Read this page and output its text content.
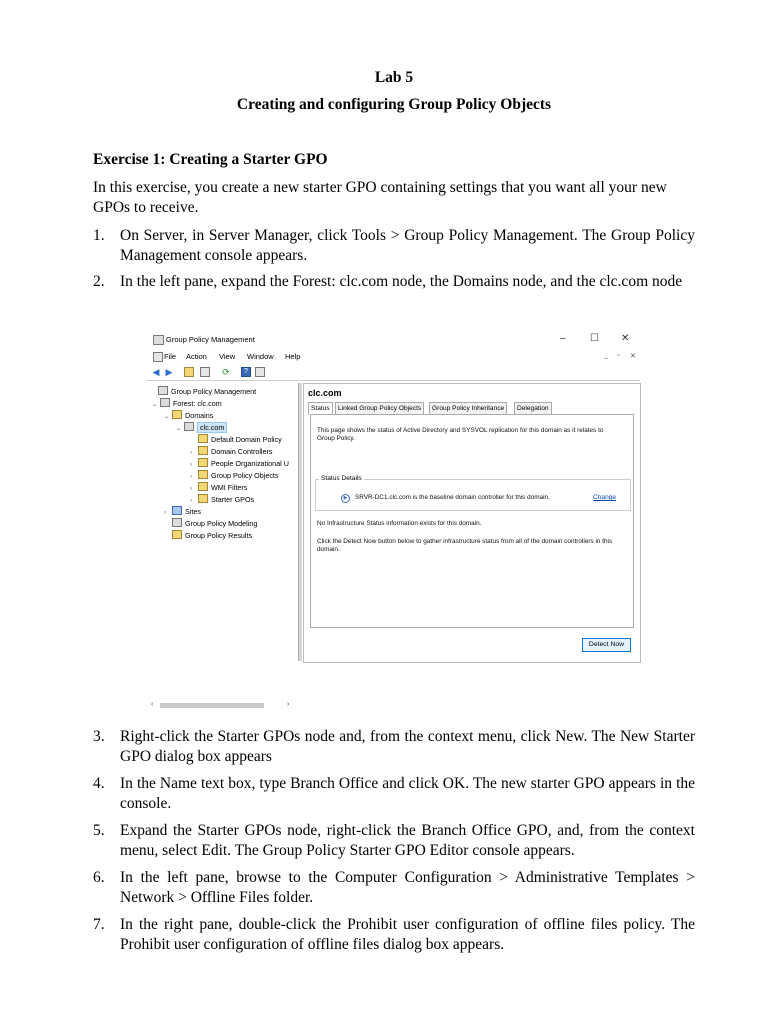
Lab 5
Creating and configuring Group Policy Objects
Exercise 1: Creating a Starter GPO
In this exercise, you create a new starter GPO containing settings that you want all your new GPOs to receive.
1. On Server, in Server Manager, click Tools > Group Policy Management. The Group Policy Management console appears.
2. In the left pane, expand the Forest: clc.com node, the Domains node, and the clc.com node
Group Policy Management	– ☐ ✕
File Action View Window Help	_ ▫ ✕
◀ ▶	⟳	?
Group Policy Management
⌄ Forest: clc.com
⌄ Domains
⌄	clc.com
Default Domain Policy
›	Domain Controllers
›	People Organizational U
›	Group Policy Objects
›	WMI Filters
›	Starter GPOs
›	Sites
Group Policy Modeling
Group Policy Results
‹	›
clc.com
Status	Linked Group Policy Objects	Group Policy Inheritance	Delegation
This page shows the status of Active Directory and SYSVOL replication for this domain as it relates to Group Policy.
Status Details
▶	SRVR-DC1.clc.com is the baseline domain controller for this domain.	Change
No Infrastructure Status information exists for this domain.
Click the Detect Now button below to gather infrastructure status from all of the domain controllers in this domain.
Detect Now
3. Right-click the Starter GPOs node and, from the context menu, click New. The New Starter GPO dialog box appears
4. In the Name text box, type Branch Office and click OK. The new starter GPO appears in the console.
5. Expand the Starter GPOs node, right-click the Branch Office GPO, and, from the context menu, select Edit. The Group Policy Starter GPO Editor console appears.
6. In the left pane, browse to the Computer Configuration > Administrative Templates > Network > Offline Files folder.
7. In the right pane, double-click the Prohibit user configuration of offline files policy. The Prohibit user configuration of offline files dialog box appears.
